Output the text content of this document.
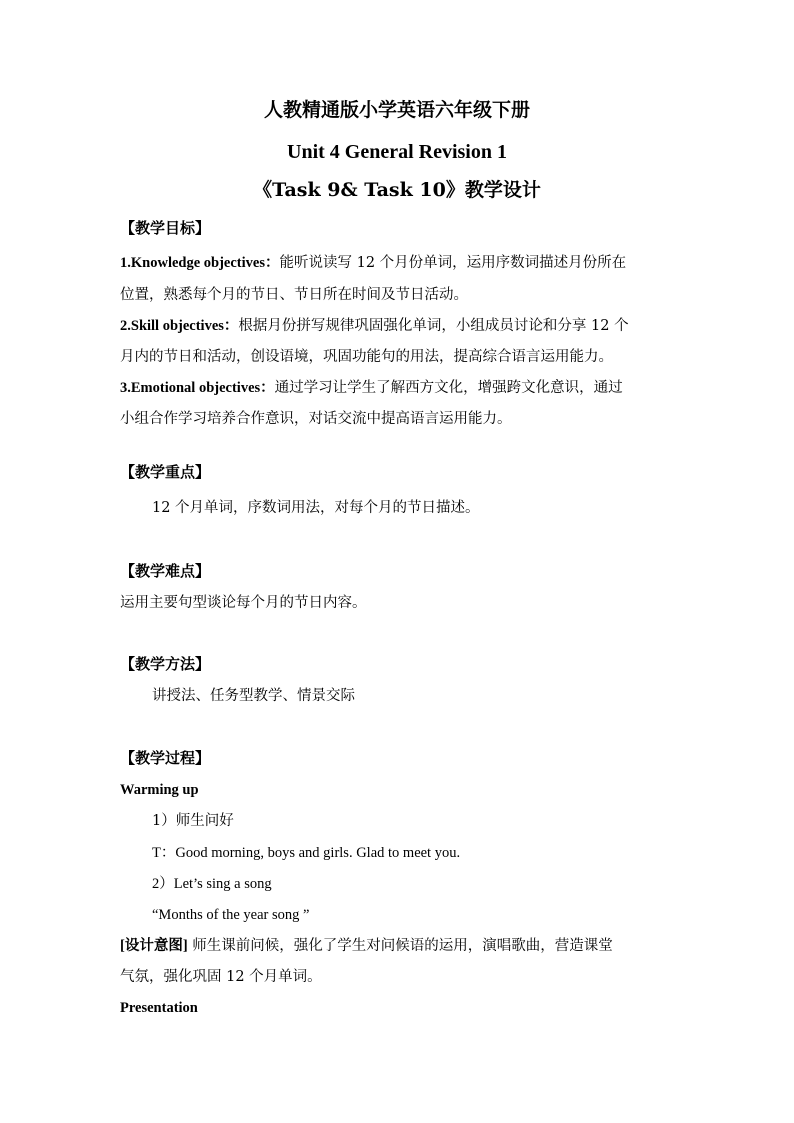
人教精通版小学英语六年级下册
Unit 4 General Revision 1
《Task 9& Task 10》教学设计
【教学目标】
1.Knowledge objectives：能听说读写 12 个月份单词，运用序数词描述月份所在
位置，熟悉每个月的节日、节日所在时间及节日活动。
2.Skill objectives：根据月份拼写规律巩固强化单词，小组成员讨论和分享 12 个
月内的节日和活动，创设语境，巩固功能句的用法，提高综合语言运用能力。
3.Emotional objectives：通过学习让学生了解西方文化，增强跨文化意识，通过
小组合作学习培养合作意识，对话交流中提高语言运用能力。
【教学重点】
12 个月单词，序数词用法，对每个月的节日描述。
【教学难点】
运用主要句型谈论每个月的节日内容。
【教学方法】
讲授法、任务型教学、情景交际
【教学过程】
Warming up
1）师生问好
T：Good morning, boys and girls. Glad to meet you.
2）Let’s sing a song
“Months of the year song ”
[设计意图] 师生课前问候，强化了学生对问候语的运用，演唱歌曲，营造课堂
气氛，强化巩固 12 个月单词。
Presentation
